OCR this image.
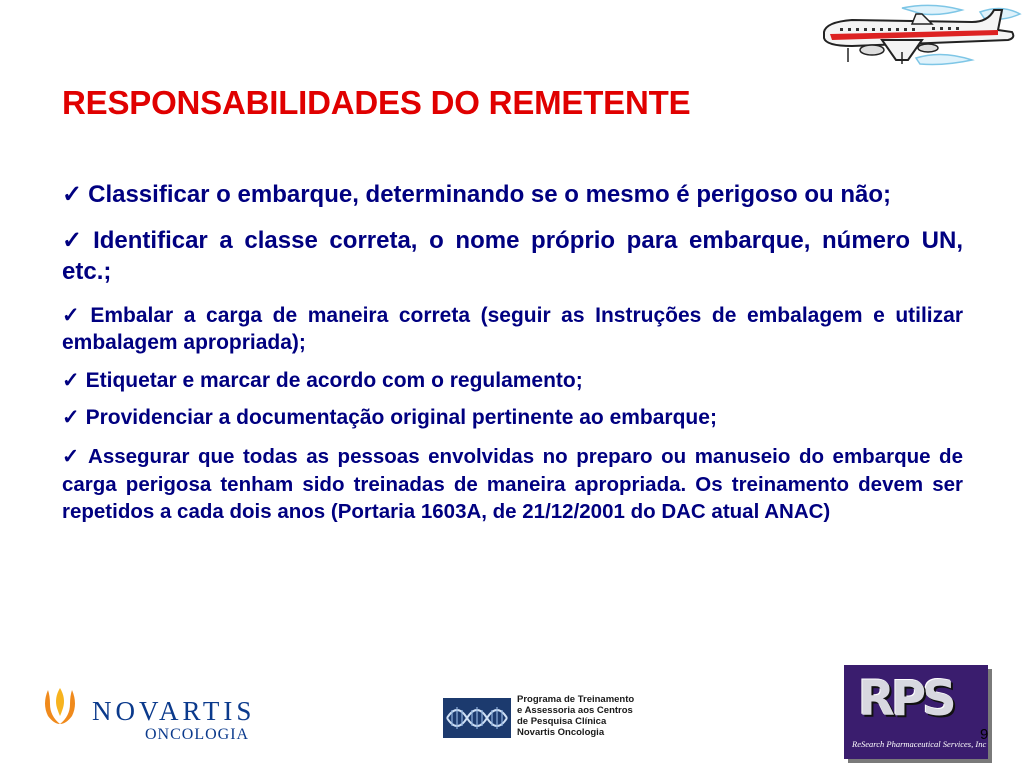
RESPONSABILIDADES DO REMETENTE
✓ Classificar o embarque, determinando se o mesmo é perigoso ou não;
✓ Identificar a classe correta, o nome próprio para embarque, número UN, etc.;
✓ Embalar a carga de maneira correta (seguir as Instruções de embalagem e utilizar embalagem apropriada);
✓ Etiquetar e marcar de acordo com o regulamento;
✓ Providenciar a documentação original pertinente ao embarque;
✓ Assegurar que todas as pessoas envolvidas no preparo ou manuseio do embarque de carga perigosa tenham sido treinadas de maneira apropriada. Os treinamento devem ser repetidos a cada dois anos (Portaria 1603A, de 21/12/2001 do DAC atual ANAC)
NOVARTIS
ONCOLOGIA
Programa de Treinamento
e Assessoria aos Centros
de Pesquisa Clínica
Novartis Oncologia
RPS
ReSearch Pharmaceutical Services, Inc
9
